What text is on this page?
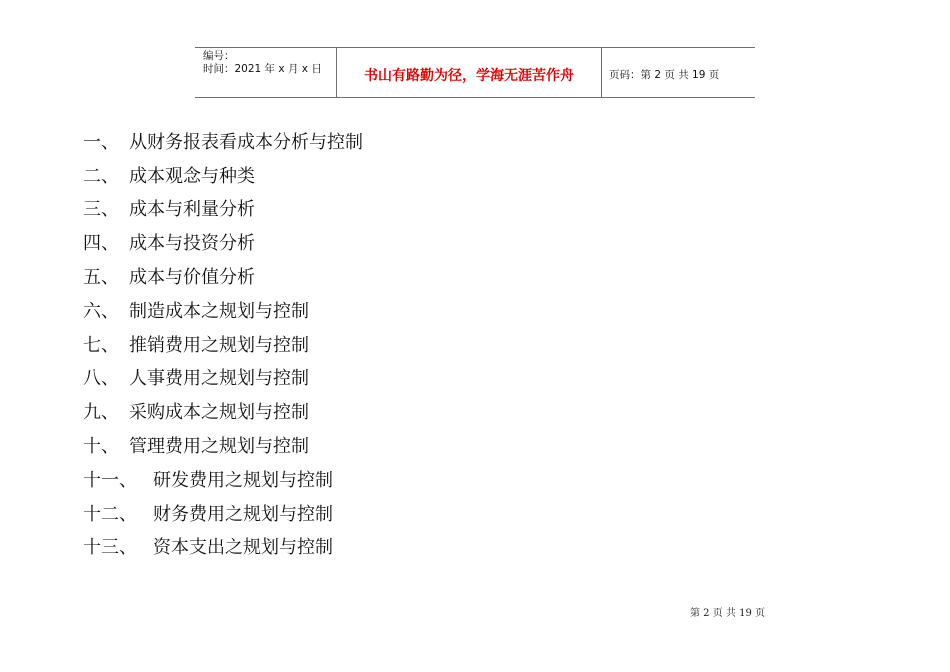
编号：
时间：2021 年 x 月 x 日	书山有路勤为径，学海无涯苦作舟	页码：第 2 页 共 19 页
一、 从财务报表看成本分析与控制
二、 成本观念与种类
三、 成本与利量分析
四、 成本与投资分析
五、 成本与价值分析
六、 制造成本之规划与控制
七、 推销费用之规划与控制
八、 人事费用之规划与控制
九、 采购成本之规划与控制
十、 管理费用之规划与控制
十一、 研发费用之规划与控制
十二、 财务费用之规划与控制
十三、 资本支出之规划与控制
第 2 页 共 19 页
